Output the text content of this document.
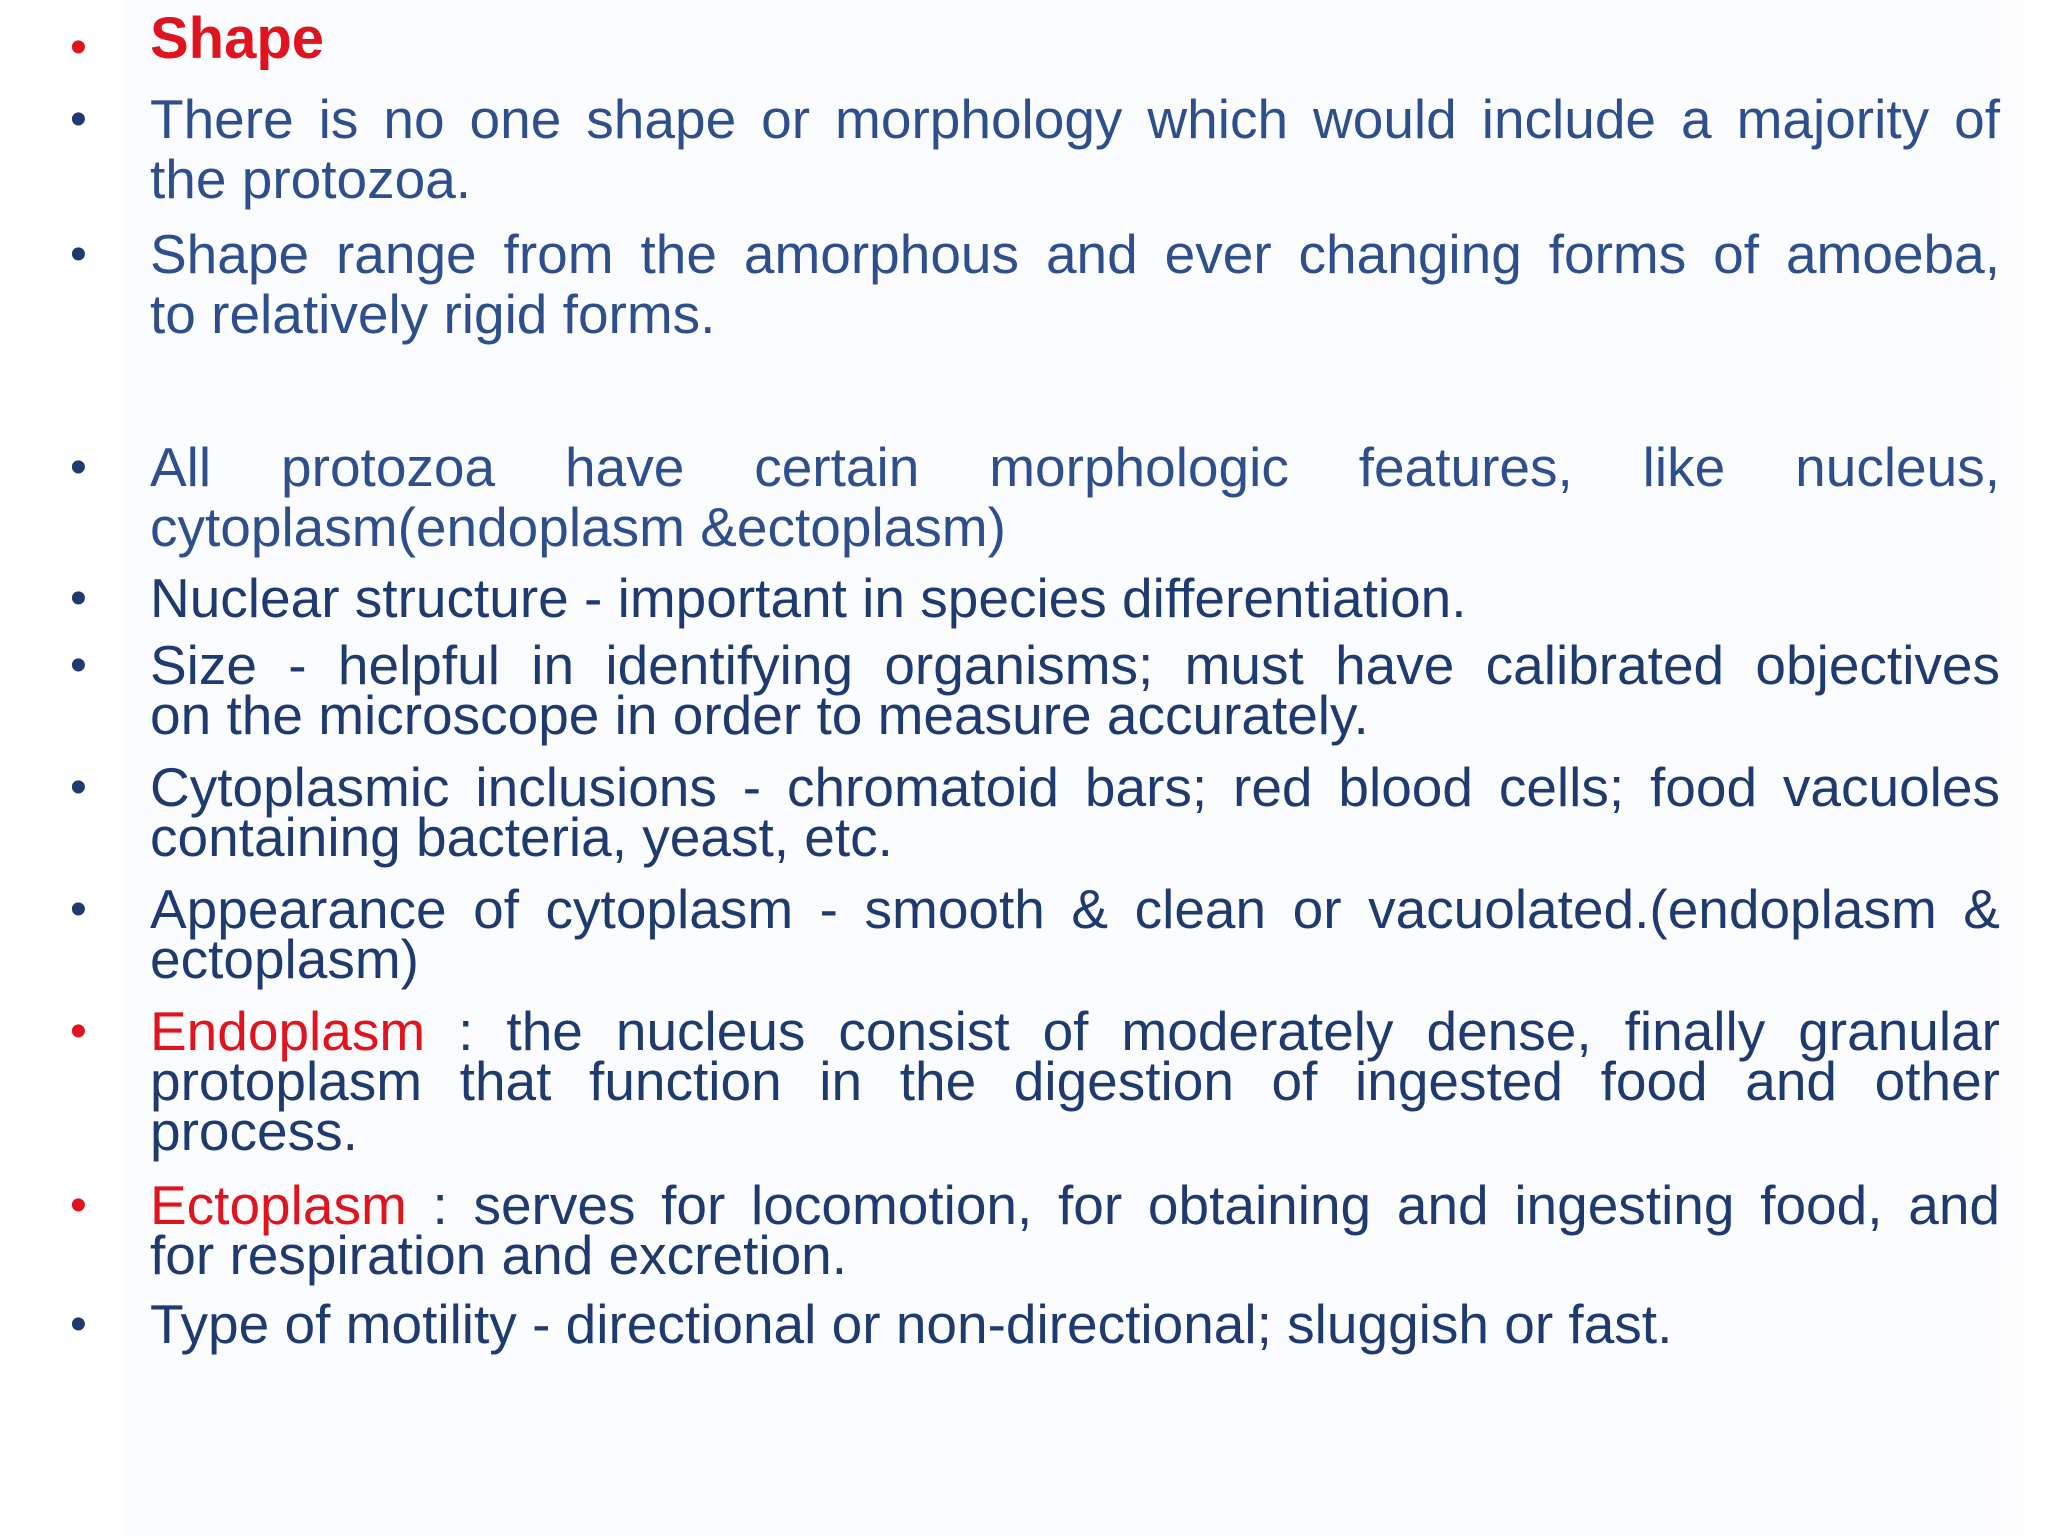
• Shape
• There is no one shape or morphology which would include a majority of
the protozoa.
• Shape range from the amorphous and ever changing forms of amoeba,
to relatively rigid forms.
• All protozoa have certain morphologic features, like nucleus,
cytoplasm(endoplasm &ectoplasm)
• Nuclear structure - important in species differentiation.
• Size - helpful in identifying organisms; must have calibrated objectives
on the microscope in order to measure accurately.
• Cytoplasmic inclusions - chromatoid bars; red blood cells; food vacuoles
containing bacteria, yeast, etc.
• Appearance of cytoplasm - smooth & clean or vacuolated.(endoplasm &
ectoplasm)
• Endoplasm : the nucleus consist of moderately dense, finally granular
protoplasm that function in the digestion of ingested food and other
process.
• Ectoplasm : serves for locomotion, for obtaining and ingesting food, and
for respiration and excretion.
• Type of motility - directional or non-directional; sluggish or fast.
